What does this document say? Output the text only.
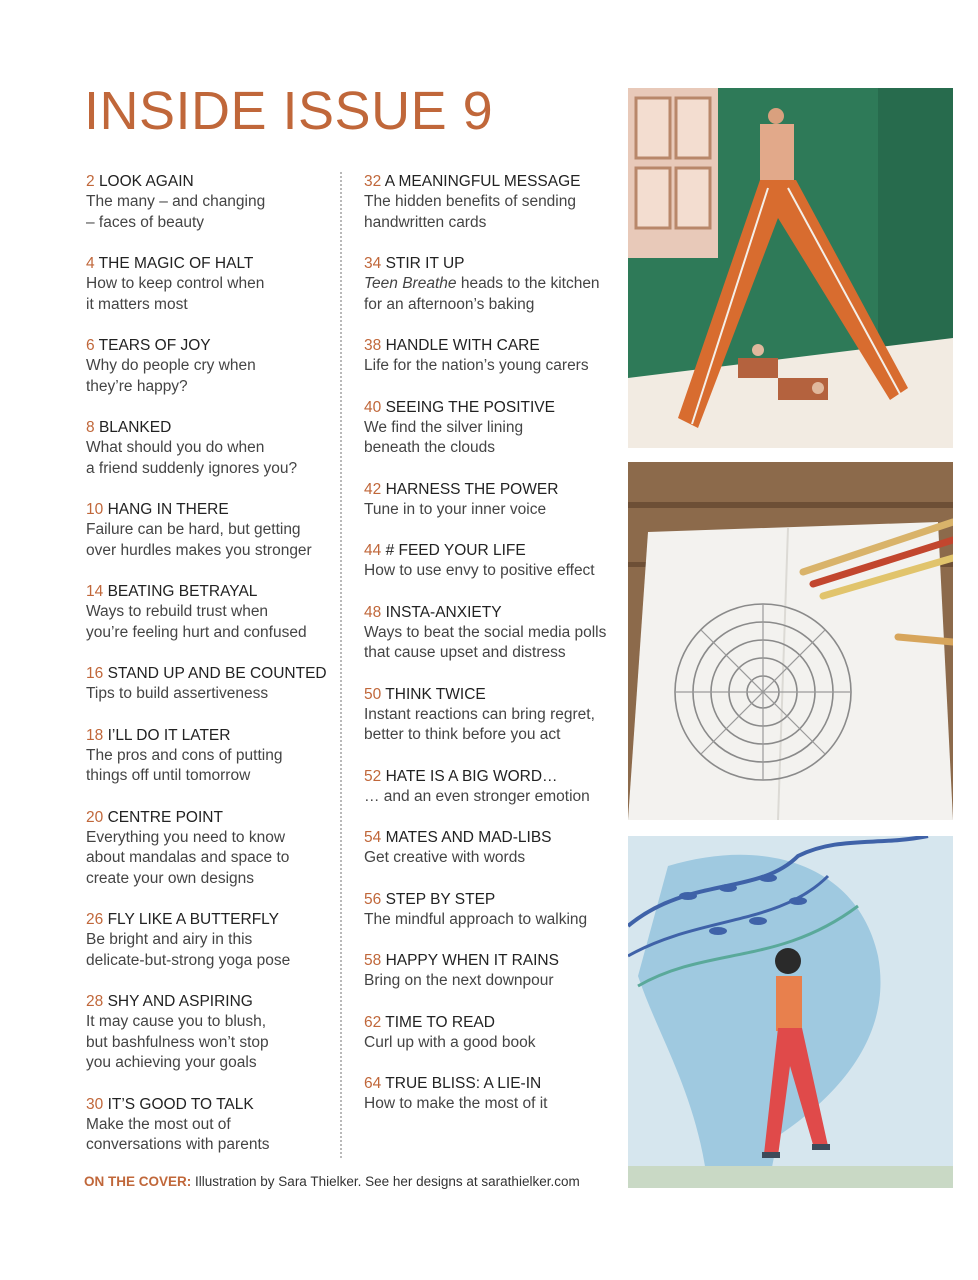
INSIDE ISSUE 9
2 LOOK AGAIN
The many – and changing
– faces of beauty
4 THE MAGIC OF HALT
How to keep control when
it matters most
6 TEARS OF JOY
Why do people cry when
they’re happy?
8 BLANKED
What should you do when
a friend suddenly ignores you?
10 HANG IN THERE
Failure can be hard, but getting
over hurdles makes you stronger
14 BEATING BETRAYAL
Ways to rebuild trust when
you’re feeling hurt and confused
16 STAND UP AND BE COUNTED
Tips to build assertiveness
18 I’LL DO IT LATER
The pros and cons of putting
things off until tomorrow
20 CENTRE POINT
Everything you need to know
about mandalas and space to
create your own designs
26 FLY LIKE A BUTTERFLY
Be bright and airy in this
delicate-but-strong yoga pose
28 SHY AND ASPIRING
It may cause you to blush,
but bashfulness won’t stop
you achieving your goals
30 IT’S GOOD TO TALK
Make the most out of
conversations with parents
32 A MEANINGFUL MESSAGE
The hidden benefits of sending
handwritten cards
34 STIR IT UP
Teen Breathe heads to the kitchen
for an afternoon’s baking
38 HANDLE WITH CARE
Life for the nation’s young carers
40 SEEING THE POSITIVE
We find the silver lining
beneath the clouds
42 HARNESS THE POWER
Tune in to your inner voice
44 # FEED YOUR LIFE
How to use envy to positive effect
48 INSTA-ANXIETY
Ways to beat the social media polls
that cause upset and distress
50 THINK TWICE
Instant reactions can bring regret,
better to think before you act
52 HATE IS A BIG WORD…
… and an even stronger emotion
54 MATES AND MAD-LIBS
Get creative with words
56 STEP BY STEP
The mindful approach to walking
58 HAPPY WHEN IT RAINS
Bring on the next downpour
62 TIME TO READ
Curl up with a good book
64 TRUE BLISS: A LIE-IN
How to make the most of it
ON THE COVER: Illustration by Sara Thielker. See her designs at sarathielker.com
